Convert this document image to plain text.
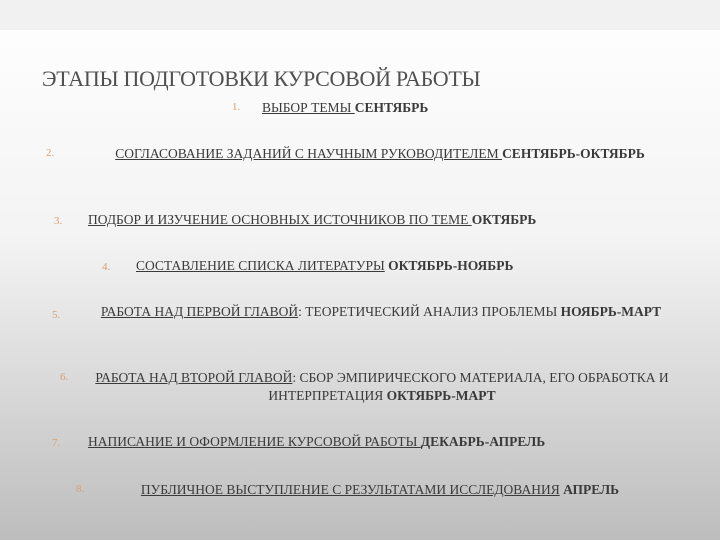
ЭТАПЫ ПОДГОТОВКИ КУРСОВОЙ РАБОТЫ
1. ВЫБОР ТЕМЫ СЕНТЯБРЬ
2.	СОГЛАСОВАНИЕ ЗАДАНИЙ С НАУЧНЫМ РУКОВОДИТЕЛЕМ СЕНТЯБРЬ-ОКТЯБРЬ
3. ПОДБОР И ИЗУЧЕНИЕ ОСНОВНЫХ ИСТОЧНИКОВ ПО ТЕМЕ ОКТЯБРЬ
4. СОСТАВЛЕНИЕ СПИСКА ЛИТЕРАТУРЫ ОКТЯБРЬ-НОЯБРЬ
5.	РАБОТА НАД ПЕРВОЙ ГЛАВОЙ: ТЕОРЕТИЧЕСКИЙ АНАЛИЗ ПРОБЛЕМЫ НОЯБРЬ-МАРТ
6. РАБОТА НАД ВТОРОЙ ГЛАВОЙ: СБОР ЭМПИРИЧЕСКОГО МАТЕРИАЛА, ЕГО ОБРАБОТКА И ИНТЕРПРЕТАЦИЯ ОКТЯБРЬ-МАРТ
7. НАПИСАНИЕ И ОФОРМЛЕНИЕ КУРСОВОЙ РАБОТЫ ДЕКАБРЬ-АПРЕЛЬ
8.	ПУБЛИЧНОЕ ВЫСТУПЛЕНИЕ С РЕЗУЛЬТАТАМИ ИССЛЕДОВАНИЯ АПРЕЛЬ
